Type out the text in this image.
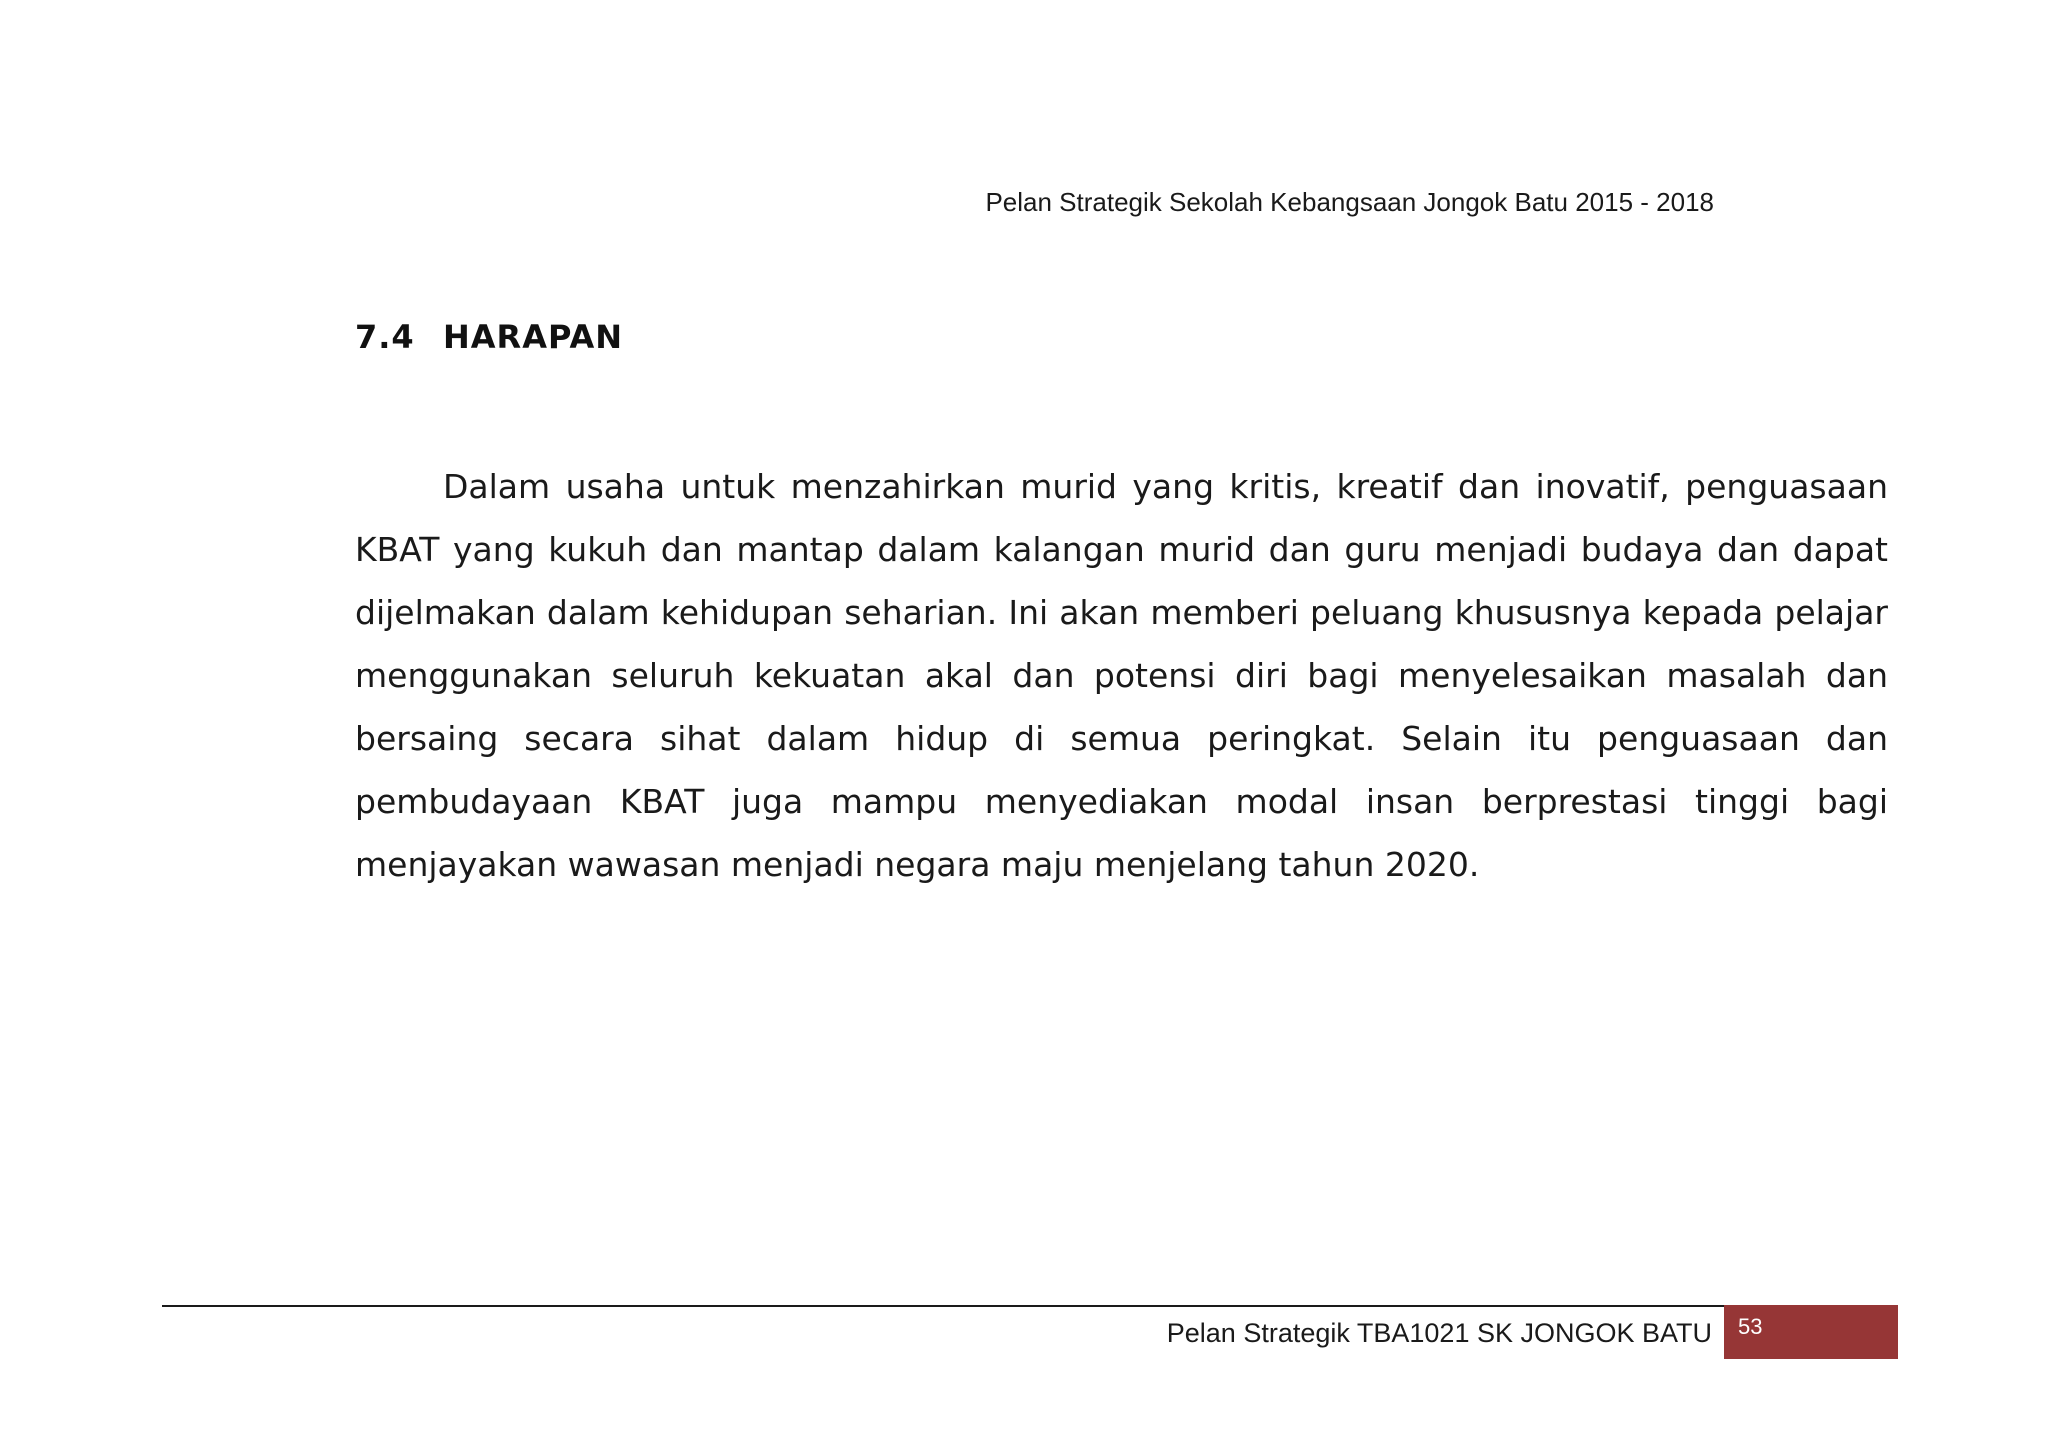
Pelan Strategik Sekolah Kebangsaan Jongok Batu 2015 - 2018
7.4 HARAPAN

Dalam usaha untuk menzahirkan murid yang kritis, kreatif dan inovatif, penguasaan KBAT yang kukuh dan mantap dalam kalangan murid dan guru menjadi budaya dan dapat dijelmakan dalam kehidupan seharian. Ini akan memberi peluang khususnya kepada pelajar menggunakan seluruh kekuatan akal dan potensi diri bagi menyelesaikan masalah dan bersaing secara sihat dalam hidup di semua peringkat. Selain itu penguasaan dan pembudayaan KBAT juga mampu menyediakan modal insan berprestasi tinggi bagi menjayakan wawasan menjadi negara maju menjelang tahun 2020.

Pelan Strategik TBA1021 SK JONGOK BATU 53
